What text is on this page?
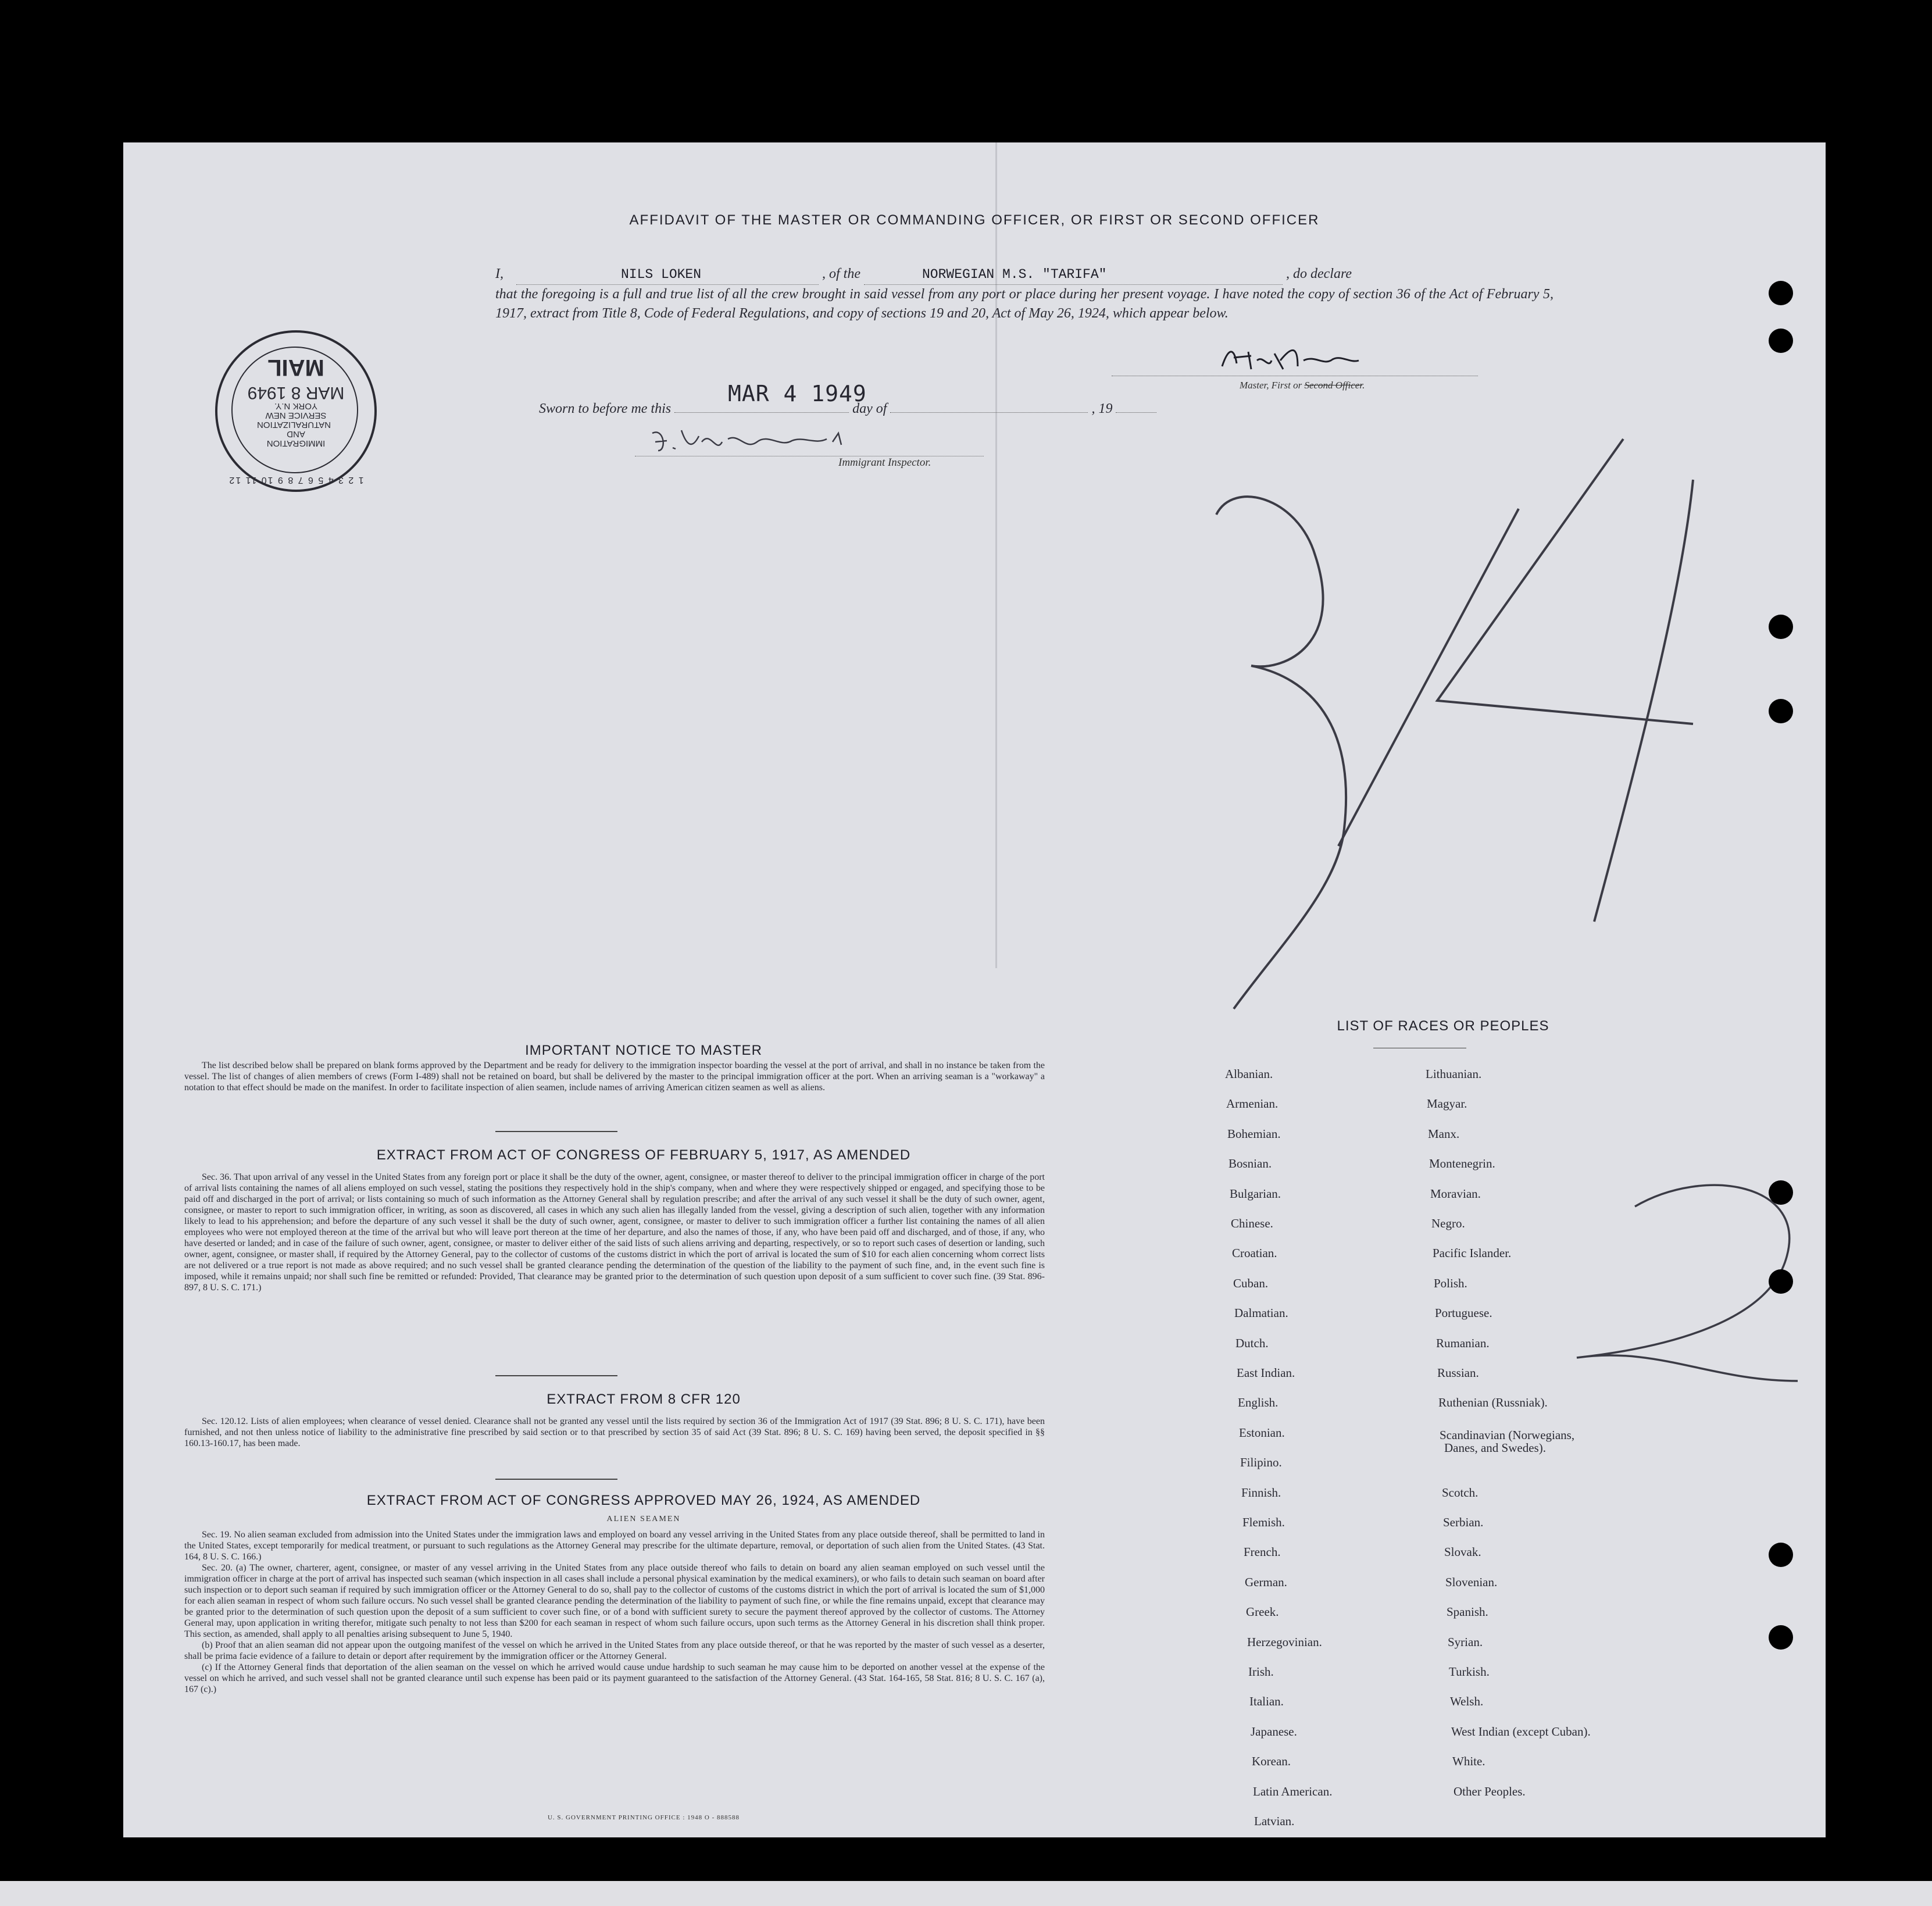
AFFIDAVIT OF THE MASTER OR COMMANDING OFFICER, OR FIRST OR SECOND OFFICER
I,	NILS LOKEN	, of the	NORWEGIAN M.S. "TARIFA"	, do declare
that the foregoing is a full and true list of all the crew brought in said vessel from any port or place during her present voyage. I have noted the copy of section 36 of the Act of February 5, 1917, extract from Title 8, Code of Federal Regulations, and copy of sections 19 and 20, Act of May 26, 1924, which appear below.
Master, First or Second Officer.
Sworn to before me this	day of	, 19
MAR 4 1949
Immigrant Inspector.
MAIL
MAR 8 1949
IMMIGRATION AND NATURALIZATION SERVICE NEW YORK N.Y.
1 2 3 4 5 6 7 8 9 10 11 12
IMPORTANT NOTICE TO MASTER
The list described below shall be prepared on blank forms approved by the Department and be ready for delivery to the immigration inspector boarding the vessel at the port of arrival, and shall in no instance be taken from the vessel. The list of changes of alien members of crews (Form I-489) shall not be retained on board, but shall be delivered by the master to the principal immigration officer at the port. When an arriving seaman is a "workaway" a notation to that effect should be made on the manifest. In order to facilitate inspection of alien seamen, include names of arriving American citizen seamen as well as aliens.
EXTRACT FROM ACT OF CONGRESS OF FEBRUARY 5, 1917, AS AMENDED
Sec. 36. That upon arrival of any vessel in the United States from any foreign port or place it shall be the duty of the owner, agent, consignee, or master thereof to deliver to the principal immigration officer in charge of the port of arrival lists containing the names of all aliens employed on such vessel, stating the positions they respectively hold in the ship's company, when and where they were respectively shipped or engaged, and specifying those to be paid off and discharged in the port of arrival; or lists containing so much of such information as the Attorney General shall by regulation prescribe; and after the arrival of any such vessel it shall be the duty of such owner, agent, consignee, or master to report to such immigration officer, in writing, as soon as discovered, all cases in which any such alien has illegally landed from the vessel, giving a description of such alien, together with any information likely to lead to his apprehension; and before the departure of any such vessel it shall be the duty of such owner, agent, consignee, or master to deliver to such immigration officer a further list containing the names of all alien employees who were not employed thereon at the time of the arrival but who will leave port thereon at the time of her departure, and also the names of those, if any, who have been paid off and discharged, and of those, if any, who have deserted or landed; and in case of the failure of such owner, agent, consignee, or master to deliver either of the said lists of such aliens arriving and departing, respectively, or so to report such cases of desertion or landing, such owner, agent, consignee, or master shall, if required by the Attorney General, pay to the collector of customs of the customs district in which the port of arrival is located the sum of $10 for each alien concerning whom correct lists are not delivered or a true report is not made as above required; and no such vessel shall be granted clearance pending the determination of the question of the liability to the payment of such fine, and, in the event such fine is imposed, while it remains unpaid; nor shall such fine be remitted or refunded: Provided, That clearance may be granted prior to the determination of such question upon deposit of a sum sufficient to cover such fine. (39 Stat. 896-897, 8 U. S. C. 171.)
EXTRACT FROM 8 CFR 120
Sec. 120.12. Lists of alien employees; when clearance of vessel denied. Clearance shall not be granted any vessel until the lists required by section 36 of the Immigration Act of 1917 (39 Stat. 896; 8 U. S. C. 171), have been furnished, and not then unless notice of liability to the administrative fine prescribed by said section or to that prescribed by section 35 of said Act (39 Stat. 896; 8 U. S. C. 169) having been served, the deposit specified in §§ 160.13-160.17, has been made.
EXTRACT FROM ACT OF CONGRESS APPROVED MAY 26, 1924, AS AMENDED
ALIEN SEAMEN
Sec. 19. No alien seaman excluded from admission into the United States under the immigration laws and employed on board any vessel arriving in the United States from any place outside thereof, shall be permitted to land in the United States, except temporarily for medical treatment, or pursuant to such regulations as the Attorney General may prescribe for the ultimate departure, removal, or deportation of such alien from the United States. (43 Stat. 164, 8 U. S. C. 166.)
Sec. 20. (a) The owner, charterer, agent, consignee, or master of any vessel arriving in the United States from any place outside thereof who fails to detain on board any alien seaman employed on such vessel until the immigration officer in charge at the port of arrival has inspected such seaman (which inspection in all cases shall include a personal physical examination by the medical examiners), or who fails to detain such seaman on board after such inspection or to deport such seaman if required by such immigration officer or the Attorney General to do so, shall pay to the collector of customs of the customs district in which the port of arrival is located the sum of $1,000 for each alien seaman in respect of whom such failure occurs. No such vessel shall be granted clearance pending the determination of the liability to payment of such fine, or while the fine remains unpaid, except that clearance may be granted prior to the determination of such question upon the deposit of a sum sufficient to cover such fine, or of a bond with sufficient surety to secure the payment thereof approved by the collector of customs. The Attorney General may, upon application in writing therefor, mitigate such penalty to not less than $200 for each seaman in respect of whom such failure occurs, upon such terms as the Attorney General in his discretion shall think proper. This section, as amended, shall apply to all penalties arising subsequent to June 5, 1940.
(b) Proof that an alien seaman did not appear upon the outgoing manifest of the vessel on which he arrived in the United States from any place outside thereof, or that he was reported by the master of such vessel as a deserter, shall be prima facie evidence of a failure to detain or deport after requirement by the immigration officer or the Attorney General.
(c) If the Attorney General finds that deportation of the alien seaman on the vessel on which he arrived would cause undue hardship to such seaman he may cause him to be deported on another vessel at the expense of the vessel on which he arrived, and such vessel shall not be granted clearance until such expense has been paid or its payment guaranteed to the satisfaction of the Attorney General. (43 Stat. 164-165, 58 Stat. 816; 8 U. S. C. 167 (a), 167 (c).)
U. S. GOVERNMENT PRINTING OFFICE : 1948 O - 888588
LIST OF RACES OR PEOPLES
Albanian.
Armenian.
Bohemian.
Bosnian.
Bulgarian.
Chinese.
Croatian.
Cuban.
Dalmatian.
Dutch.
East Indian.
English.
Estonian.
Filipino.
Finnish.
Flemish.
French.
German.
Greek.
Herzegovinian.
Irish.
Italian.
Japanese.
Korean.
Latin American.
Latvian.
Lithuanian.
Magyar.
Manx.
Montenegrin.
Moravian.
Negro.
Pacific Islander.
Polish.
Portuguese.
Rumanian.
Russian.
Ruthenian (Russniak).
Scandinavian (Norwegians,
Danes, and Swedes).
Scotch.
Serbian.
Slovak.
Slovenian.
Spanish.
Syrian.
Turkish.
Welsh.
West Indian (except Cuban).
White.
Other Peoples.
